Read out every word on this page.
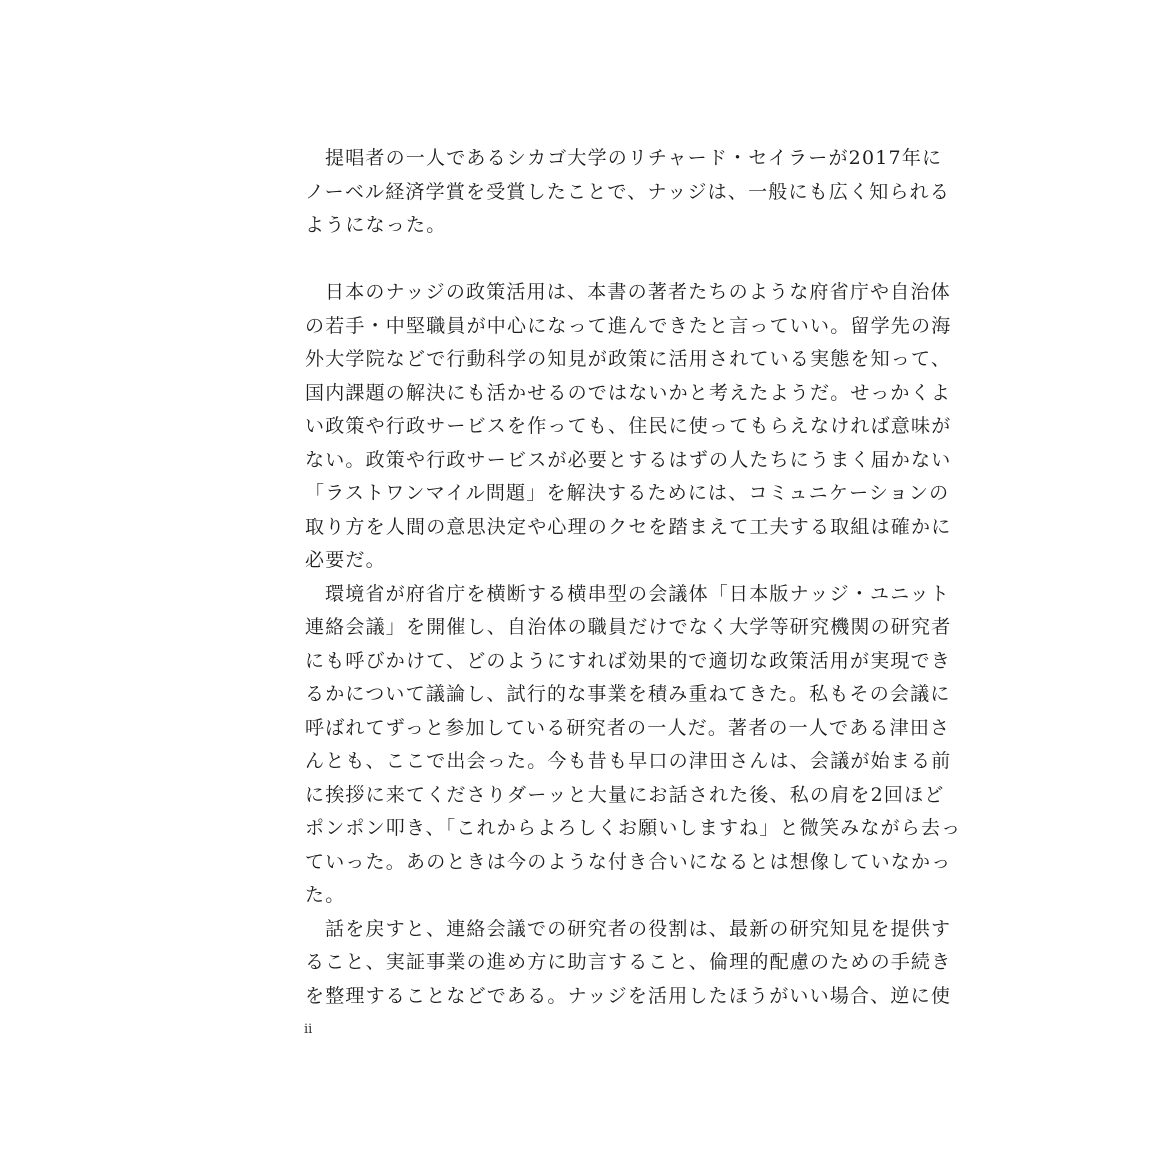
提唱者の一人であるシカゴ大学のリチャード・セイラーが2017年に
ノーベル経済学賞を受賞したことで、ナッジは、一般にも広く知られる
ようになった。

日本のナッジの政策活用は、本書の著者たちのような府省庁や自治体
の若手・中堅職員が中心になって進んできたと言っていい。留学先の海
外大学院などで行動科学の知見が政策に活用されている実態を知って、
国内課題の解決にも活かせるのではないかと考えたようだ。せっかくよ
い政策や行政サービスを作っても、住民に使ってもらえなければ意味が
ない。政策や行政サービスが必要とするはずの人たちにうまく届かない
「ラストワンマイル問題」を解決するためには、コミュニケーションの
取り方を人間の意思決定や心理のクセを踏まえて工夫する取組は確かに
必要だ。

環境省が府省庁を横断する横串型の会議体「日本版ナッジ・ユニット
連絡会議」を開催し、自治体の職員だけでなく大学等研究機関の研究者
にも呼びかけて、どのようにすれば効果的で適切な政策活用が実現でき
るかについて議論し、試行的な事業を積み重ねてきた。私もその会議に
呼ばれてずっと参加している研究者の一人だ。著者の一人である津田さ
んとも、ここで出会った。今も昔も早口の津田さんは、会議が始まる前
に挨拶に来てくださりダーッと大量にお話された後、私の肩を2回ほど
ポンポン叩き、「これからよろしくお願いしますね」と微笑みながら去っ
ていった。あのときは今のような付き合いになるとは想像していなかっ
た。

話を戻すと、連絡会議での研究者の役割は、最新の研究知見を提供す
ること、実証事業の進め方に助言すること、倫理的配慮のための手続き
を整理することなどである。ナッジを活用したほうがいい場合、逆に使

ii
